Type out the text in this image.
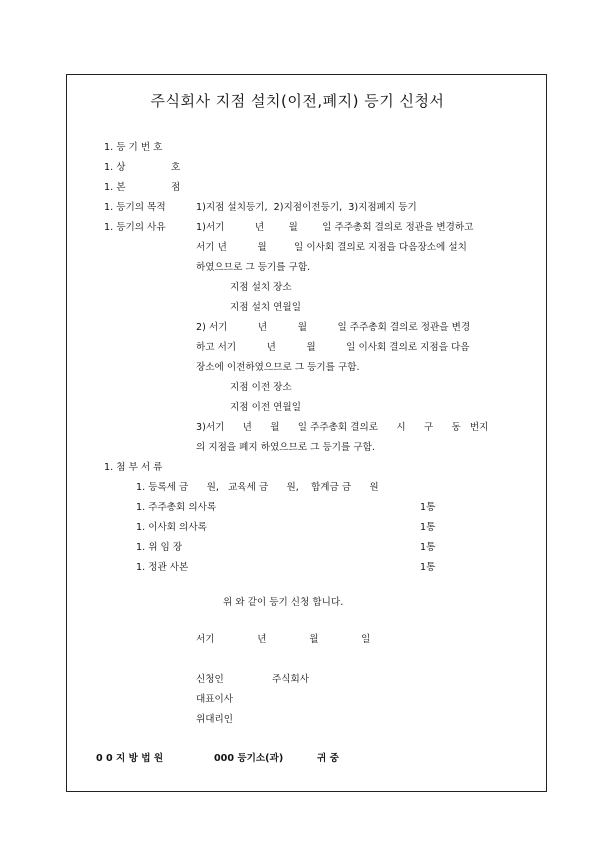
주식회사 지점 설치(이전,폐지) 등기 신청서
1. 등 기 번 호
1. 상	호
1. 본	점
1. 등기의 목적	1)지점 설치등기,  2)지점이전등기,  3)지점폐지 등기
1. 등기의 사유	1)서기          년        월        일 주주총회 결의로 정관을 변경하고
서기 년          월         일 이사회 결의로 지점을 다음장소에 설치
하였으므로 그 등기를 구함.
지점 설치 장소
지점 설치 연월일
2) 서기          년          월          일 주주총회 결의로 정관을 변경
하고 서기          년          월          일 이사회 결의로 지점을 다음
장소에 이전하였으므로 그 등기를 구함.
지점 이전 장소
지점 이전 연월일
3)서기      년      월      일 주주총회 결의로      시      구      동   번지
의 지점을 폐지 하였으므로 그 등기를 구함.
1. 첨 부 서 류
1. 등록세 금      원,   교육세 금      원,    합계금 금      원
1. 주주총회 의사록	1통
1. 이사회 의사록	1통
1. 위 임 장	1통
1. 정관 사본	1통
위 와 같이 등기 신청 합니다.
서기              년              월              일
신청인	주식회사
대표이사
위대리인
0 0 지 방 법 원	000 등기소(과)	귀 중
